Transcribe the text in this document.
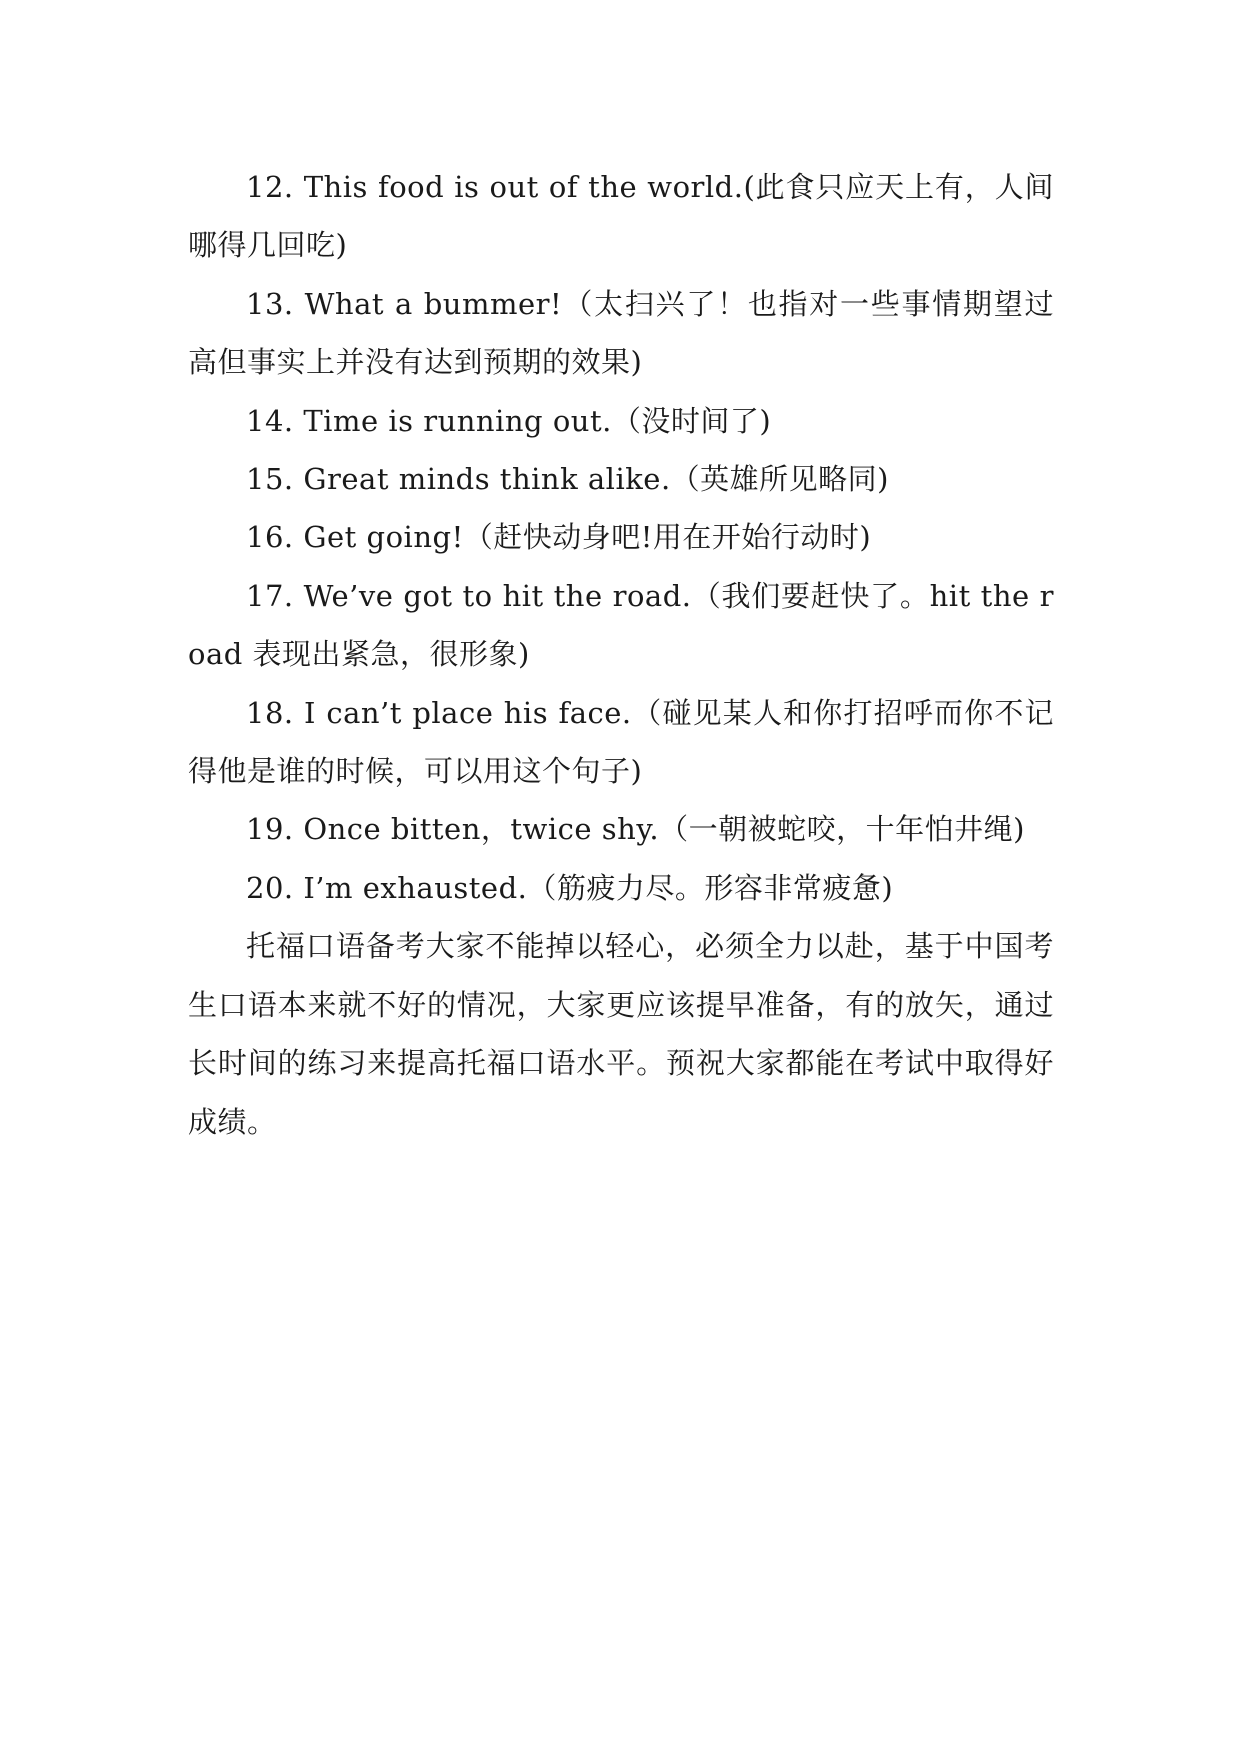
12. This food is out of the world.(此食只应天上有，人间哪得几回吃)

13. What a bummer!（太扫兴了！也指对一些事情期望过高但事实上并没有达到预期的效果)

14. Time is running out.（没时间了)

15. Great minds think alike.（英雄所见略同)

16. Get going!（赶快动身吧!用在开始行动时)

17. We’ve got to hit the road.（我们要赶快了。hit the road 表现出紧急，很形象)

18. I can’t place his face.（碰见某人和你打招呼而你不记得他是谁的时候，可以用这个句子)

19. Once bitten，twice shy.（一朝被蛇咬，十年怕井绳)

20. I’m exhausted.（筋疲力尽。形容非常疲惫)

托福口语备考大家不能掉以轻心，必须全力以赴，基于中国考生口语本来就不好的情况，大家更应该提早准备，有的放矢，通过长时间的练习来提高托福口语水平。预祝大家都能在考试中取得好成绩。
